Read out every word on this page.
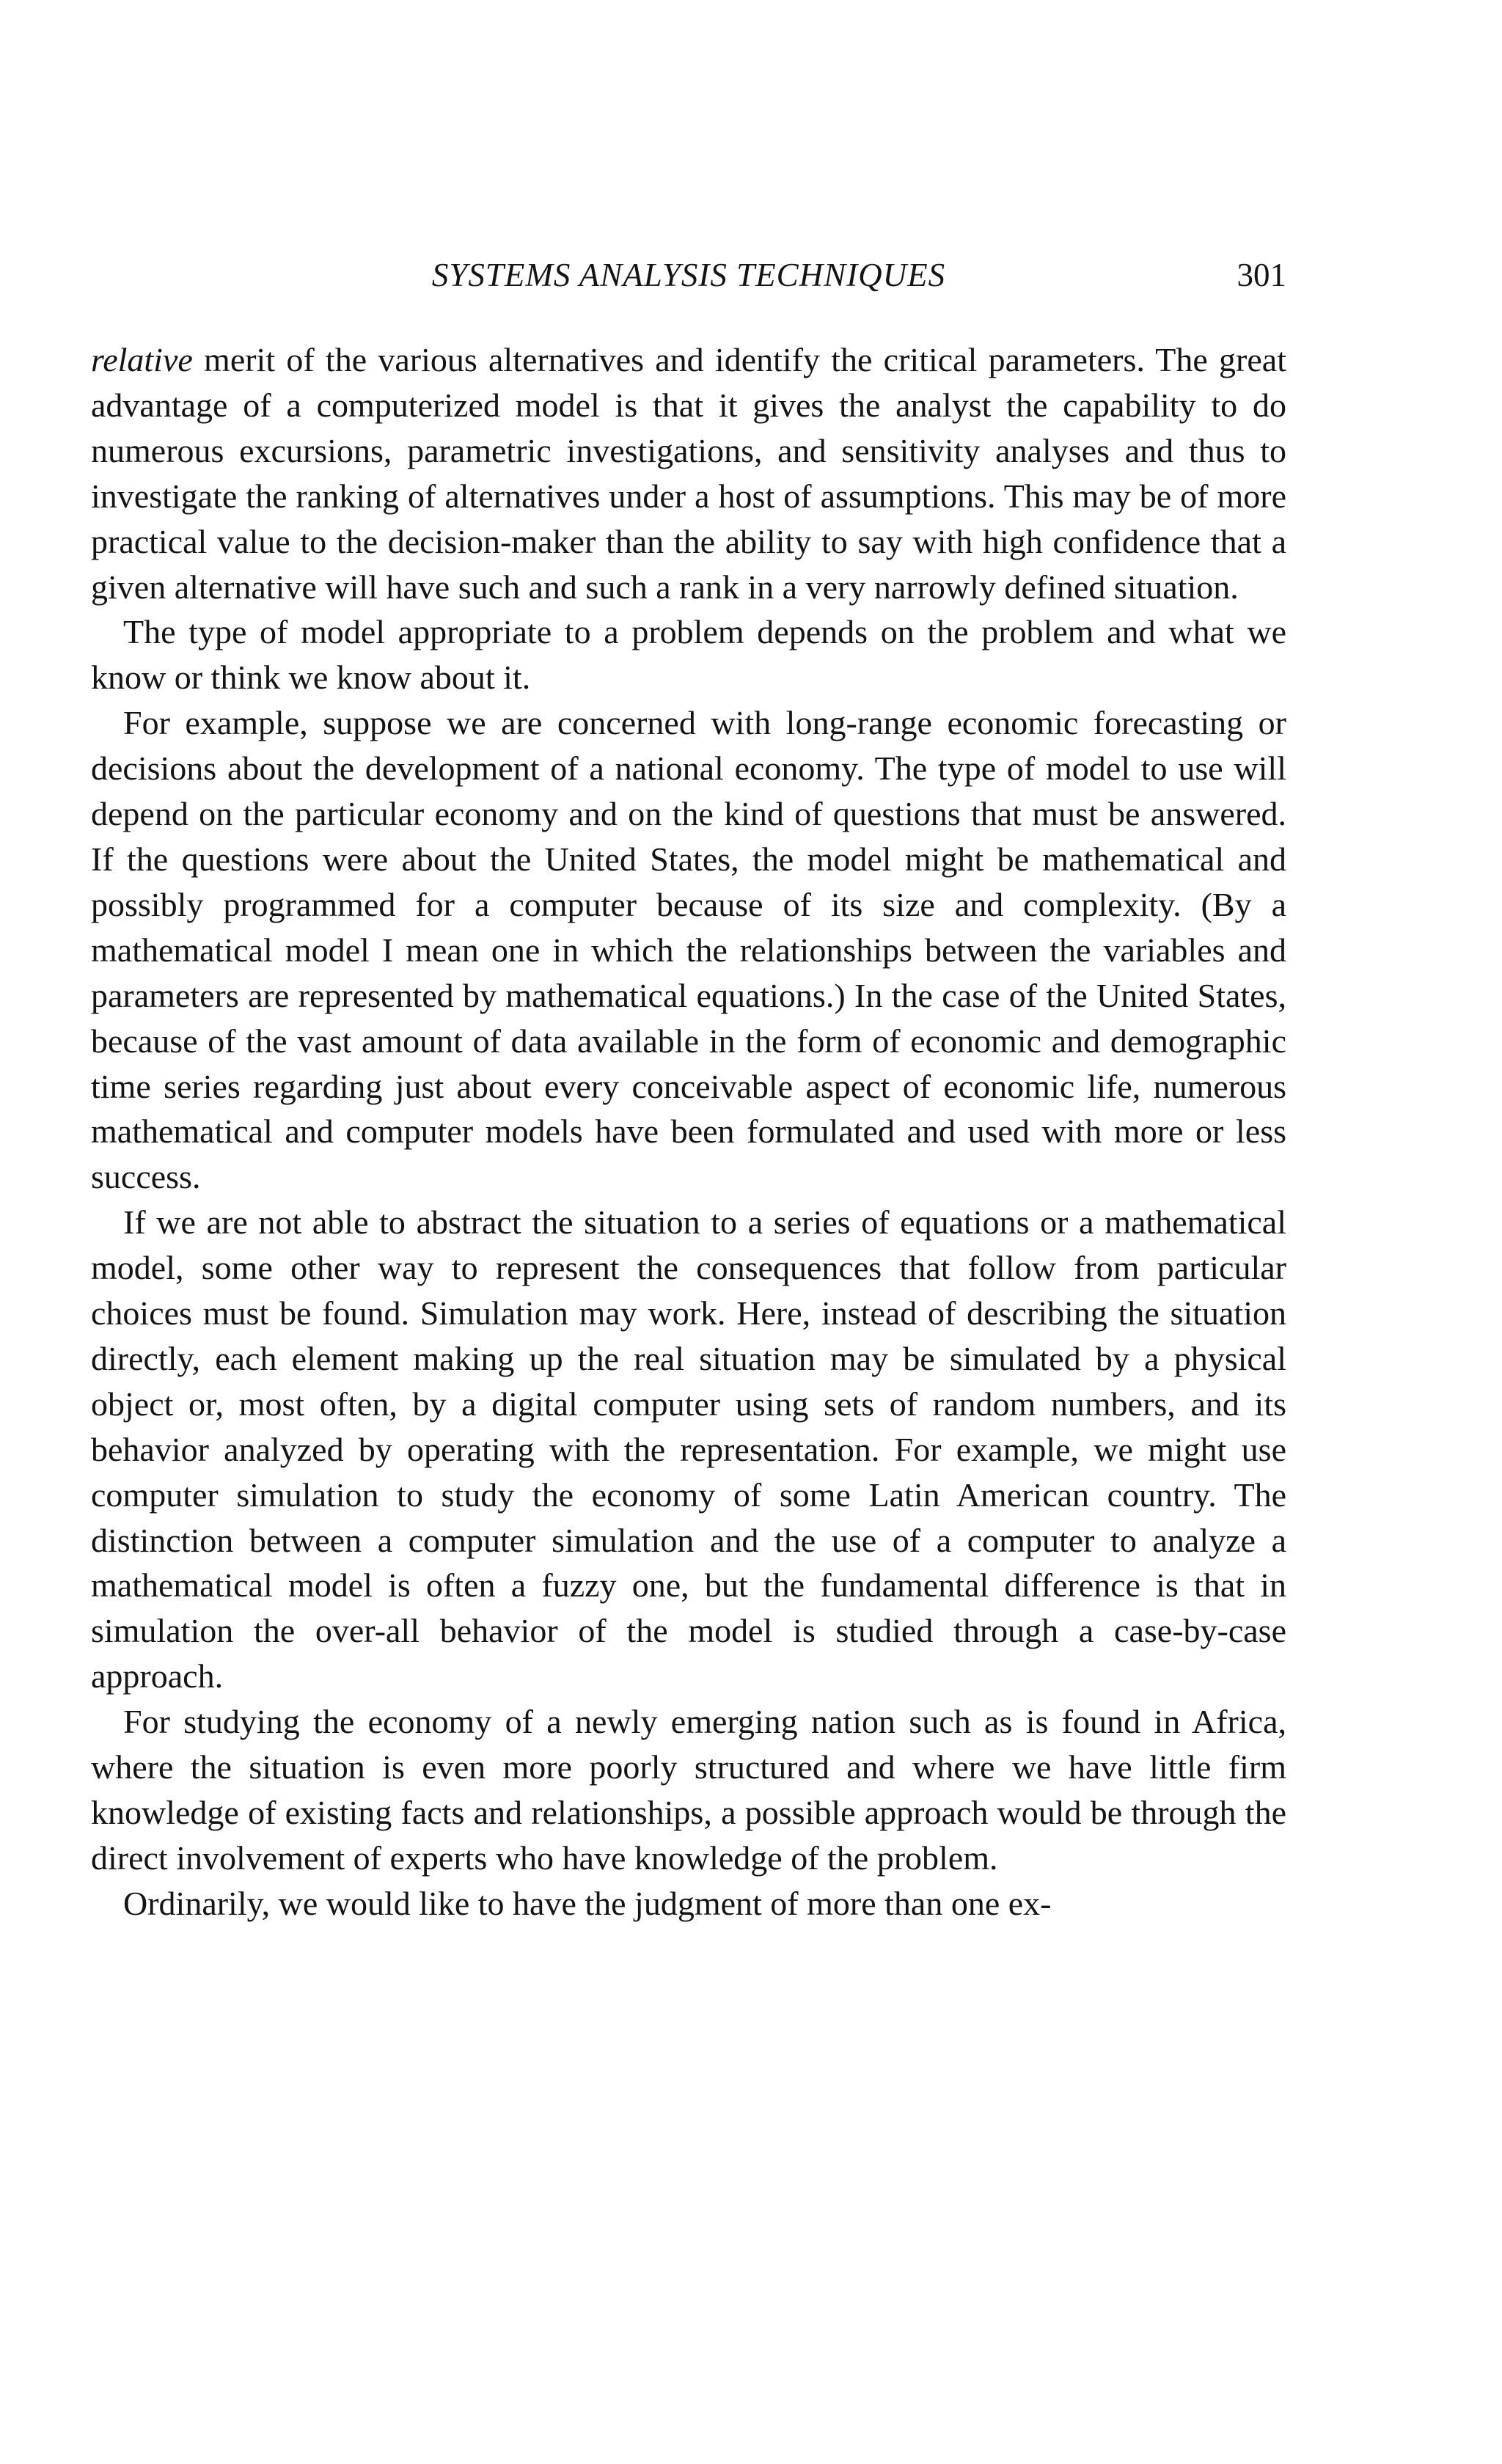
SYSTEMS ANALYSIS TECHNIQUES	301

relative merit of the various alternatives and identify the critical parameters. The great advantage of a computerized model is that it gives the analyst the capability to do numerous excursions, parametric investigations, and sensitivity analyses and thus to investigate the ranking of alternatives under a host of assumptions. This may be of more practical value to the decision-maker than the ability to say with high confidence that a given alternative will have such and such a rank in a very narrowly defined situation.

The type of model appropriate to a problem depends on the problem and what we know or think we know about it.

For example, suppose we are concerned with long-range economic forecasting or decisions about the development of a national economy. The type of model to use will depend on the particular economy and on the kind of questions that must be answered. If the questions were about the United States, the model might be mathematical and possibly programmed for a computer because of its size and complexity. (By a mathematical model I mean one in which the relationships between the variables and parameters are represented by mathematical equations.) In the case of the United States, because of the vast amount of data available in the form of economic and demographic time series regarding just about every conceivable aspect of economic life, numerous mathematical and computer models have been formulated and used with more or less success.

If we are not able to abstract the situation to a series of equations or a mathematical model, some other way to represent the consequences that follow from particular choices must be found. Simulation may work. Here, instead of describing the situation directly, each element making up the real situation may be simulated by a physical object or, most often, by a digital computer using sets of random numbers, and its behavior analyzed by operating with the representation. For example, we might use computer simulation to study the economy of some Latin American country. The distinction between a computer simulation and the use of a computer to analyze a mathematical model is often a fuzzy one, but the fundamental difference is that in simulation the over-all behavior of the model is studied through a case-by-case approach.

For studying the economy of a newly emerging nation such as is found in Africa, where the situation is even more poorly structured and where we have little firm knowledge of existing facts and relationships, a possible approach would be through the direct involvement of experts who have knowledge of the problem.

Ordinarily, we would like to have the judgment of more than one ex-
